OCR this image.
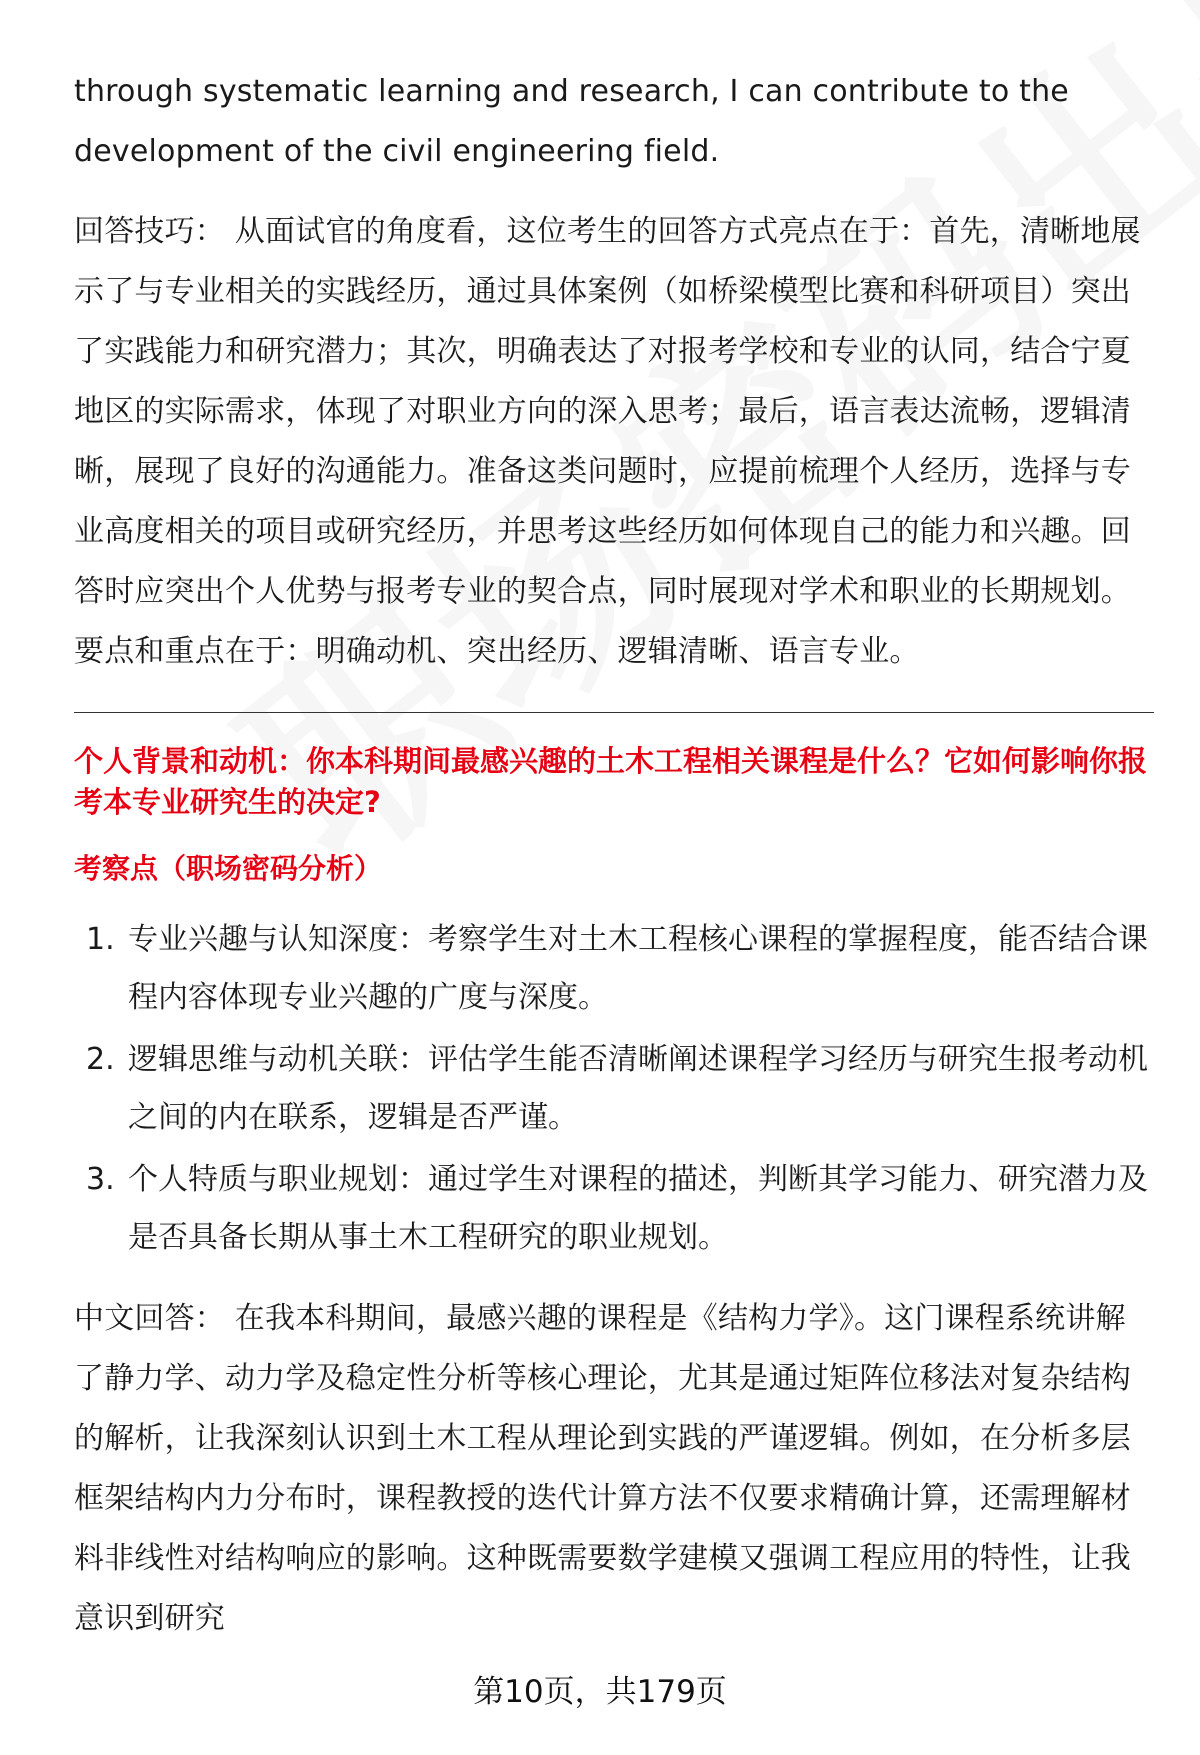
through systematic learning and research, I can contribute to the development of the civil engineering field.

回答技巧： 从面试官的角度看，这位考生的回答方式亮点在于：首先，清晰地展示了与专业相关的实践经历，通过具体案例（如桥梁模型比赛和科研项目）突出了实践能力和研究潜力；其次，明确表达了对报考学校和专业的认同，结合宁夏地区的实际需求，体现了对职业方向的深入思考；最后，语言表达流畅，逻辑清晰，展现了良好的沟通能力。准备这类问题时，应提前梳理个人经历，选择与专业高度相关的项目或研究经历，并思考这些经历如何体现自己的能力和兴趣。回答时应突出个人优势与报考专业的契合点，同时展现对学术和职业的长期规划。要点和重点在于：明确动机、突出经历、逻辑清晰、语言专业。

个人背景和动机：你本科期间最感兴趣的土木工程相关课程是什么？它如何影响你报考本专业研究生的决定?

考察点（职场密码分析）

1. 专业兴趣与认知深度：考察学生对土木工程核心课程的掌握程度，能否结合课程内容体现专业兴趣的广度与深度。
2. 逻辑思维与动机关联：评估学生能否清晰阐述课程学习经历与研究生报考动机之间的内在联系，逻辑是否严谨。
3. 个人特质与职业规划：通过学生对课程的描述，判断其学习能力、研究潜力及是否具备长期从事土木工程研究的职业规划。

中文回答： 在我本科期间，最感兴趣的课程是《结构力学》。这门课程系统讲解了静力学、动力学及稳定性分析等核心理论，尤其是通过矩阵位移法对复杂结构的解析，让我深刻认识到土木工程从理论到实践的严谨逻辑。例如，在分析多层框架结构内力分布时，课程教授的迭代计算方法不仅要求精确计算，还需理解材料非线性对结构响应的影响。这种既需要数学建模又强调工程应用的特性，让我意识到研究

第10页，共179页
